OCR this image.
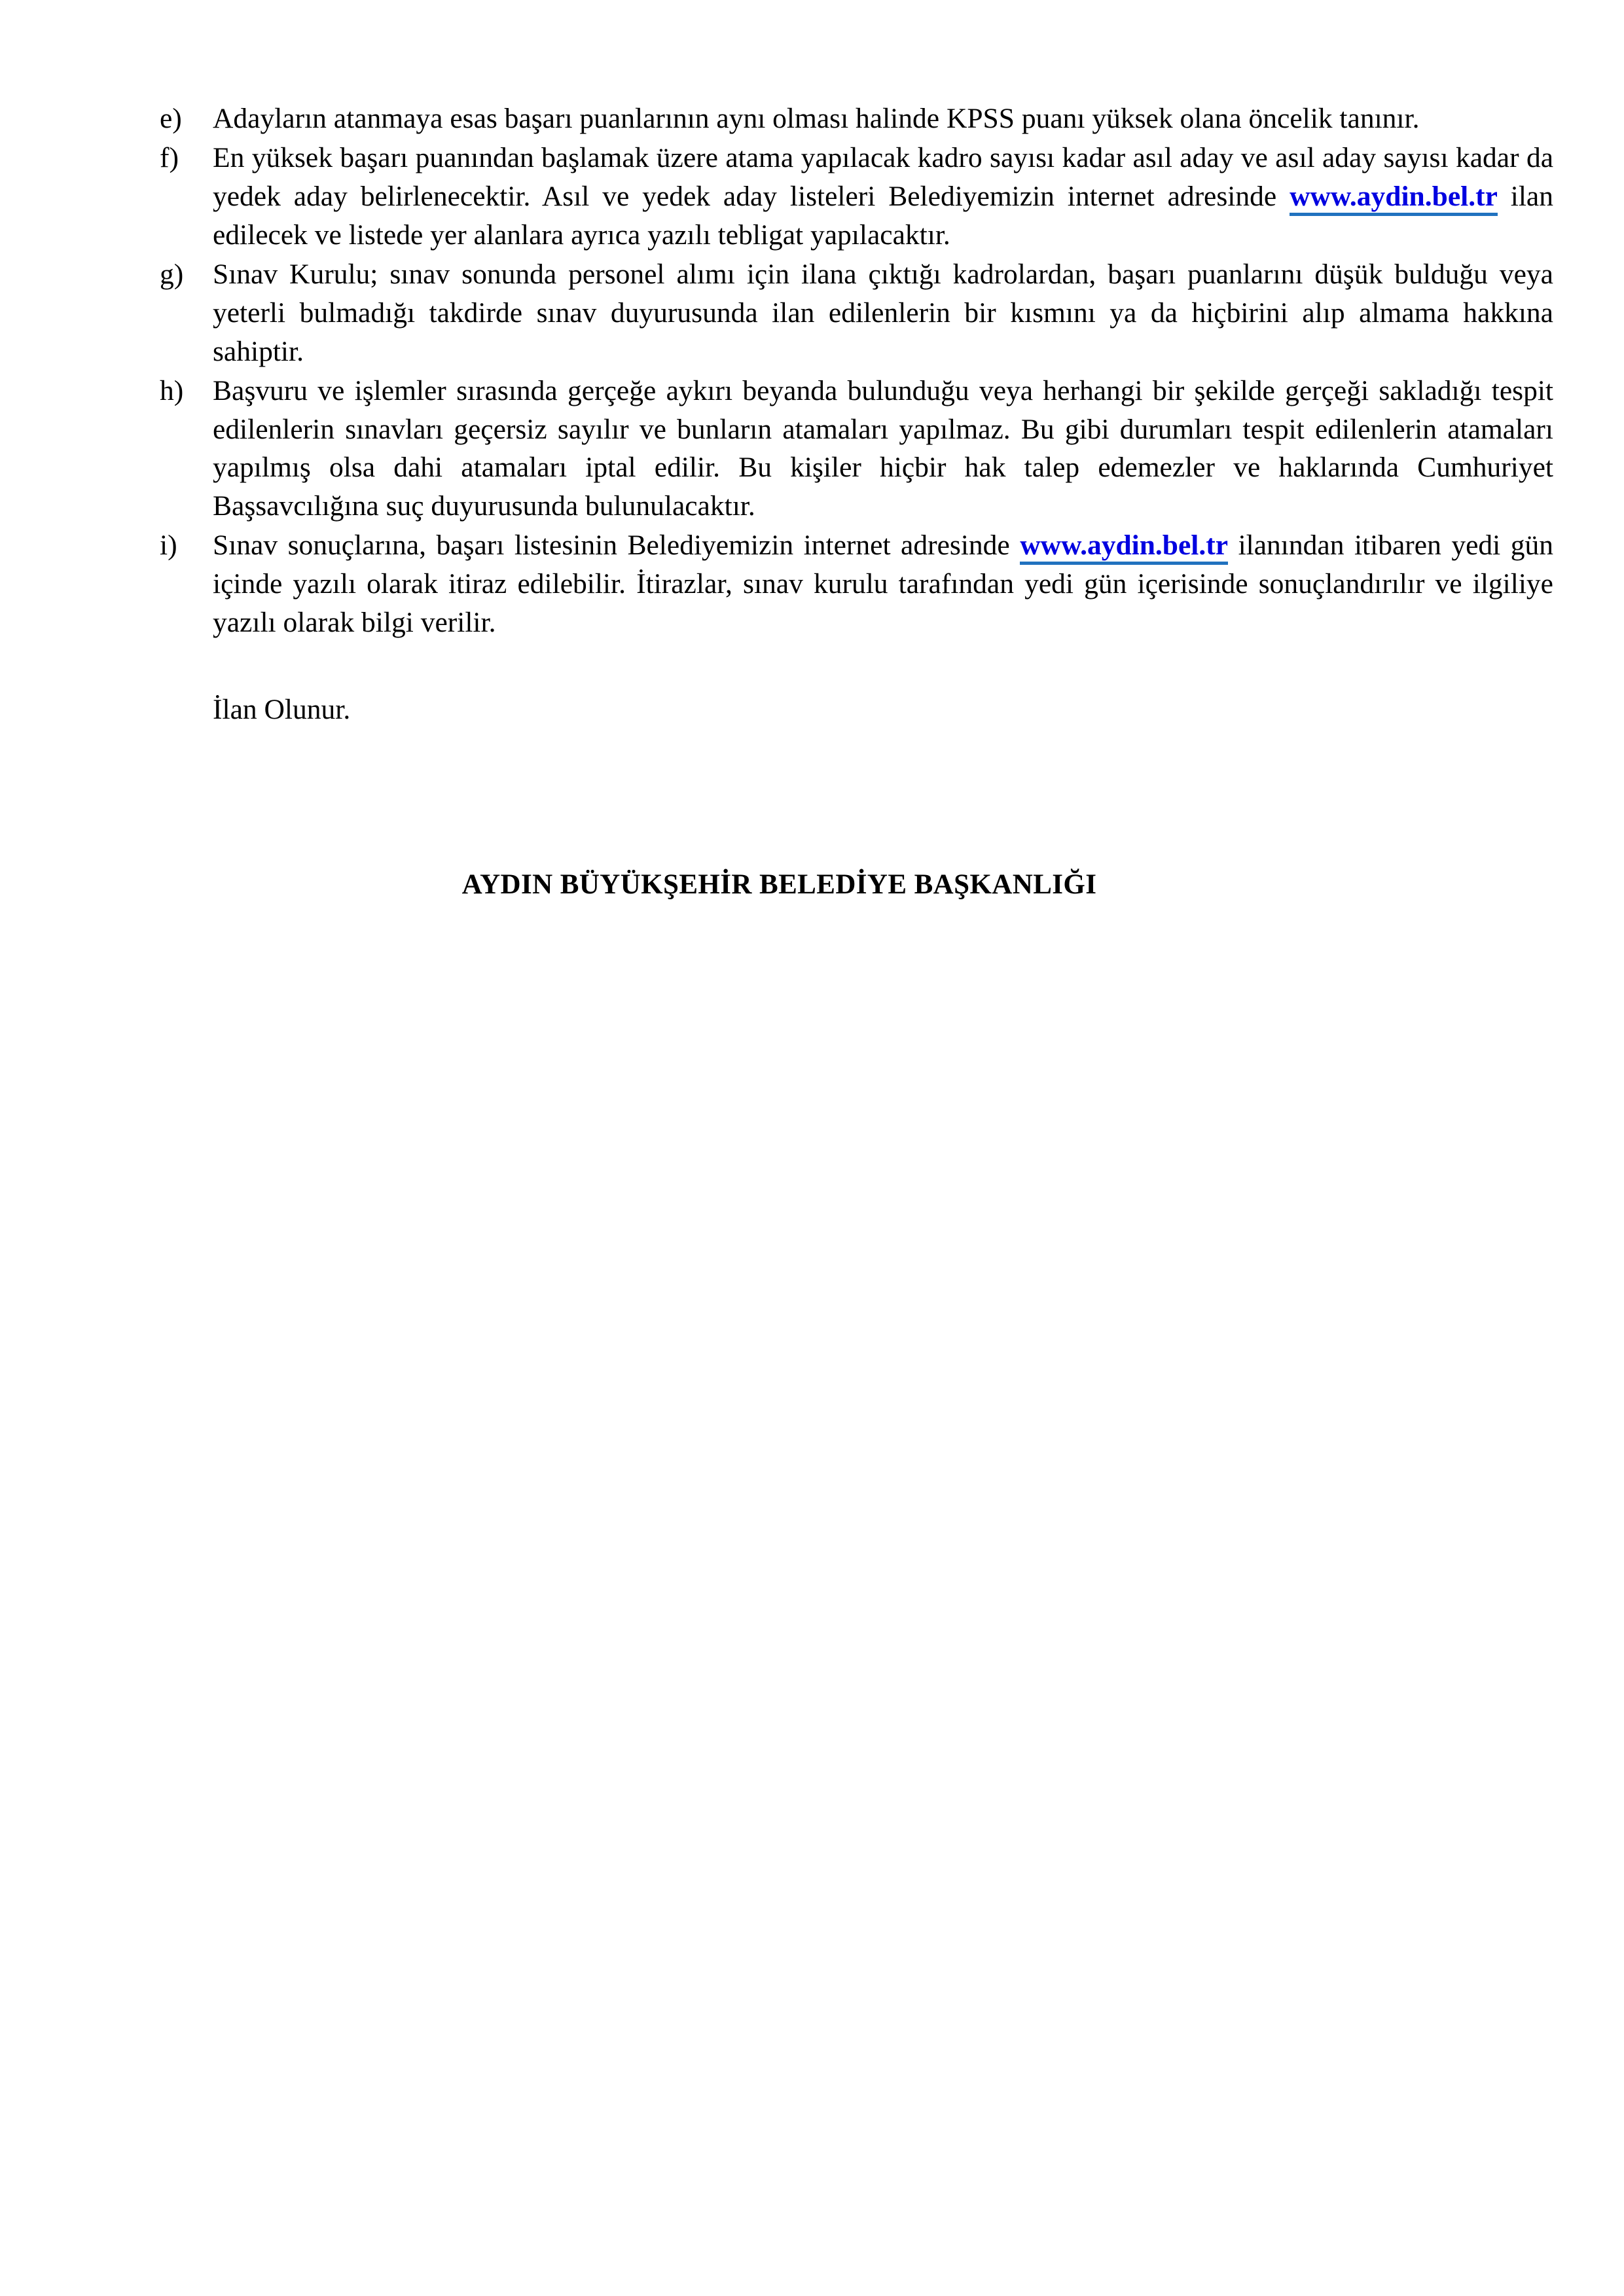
e)	Adayların atanmaya esas başarı puanlarının aynı olması halinde KPSS puanı yüksek olana öncelik tanınır.
f)	En yüksek başarı puanından başlamak üzere atama yapılacak kadro sayısı kadar asıl aday ve asıl aday sayısı kadar da yedek aday belirlenecektir. Asıl ve yedek aday listeleri Belediyemizin internet adresinde www.aydin.bel.tr ilan edilecek ve listede yer alanlara ayrıca yazılı tebligat yapılacaktır.
g)	Sınav Kurulu; sınav sonunda personel alımı için ilana çıktığı kadrolardan, başarı puanlarını düşük bulduğu veya yeterli bulmadığı takdirde sınav duyurusunda ilan edilenlerin bir kısmını ya da hiçbirini alıp almama hakkına sahiptir.
h)	Başvuru ve işlemler sırasında gerçeğe aykırı beyanda bulunduğu veya herhangi bir şekilde gerçeği sakladığı tespit edilenlerin sınavları geçersiz sayılır ve bunların atamaları yapılmaz. Bu gibi durumları tespit edilenlerin atamaları yapılmış olsa dahi atamaları iptal edilir. Bu kişiler hiçbir hak talep edemezler ve haklarında Cumhuriyet Başsavcılığına suç duyurusunda bulunulacaktır.
i)	Sınav sonuçlarına, başarı listesinin Belediyemizin internet adresinde www.aydin.bel.tr ilanından itibaren yedi gün içinde yazılı olarak itiraz edilebilir. İtirazlar, sınav kurulu tarafından yedi gün içerisinde sonuçlandırılır ve ilgiliye yazılı olarak bilgi verilir.
İlan Olunur.
AYDIN BÜYÜKŞEHİR BELEDİYE BAŞKANLIĞI
